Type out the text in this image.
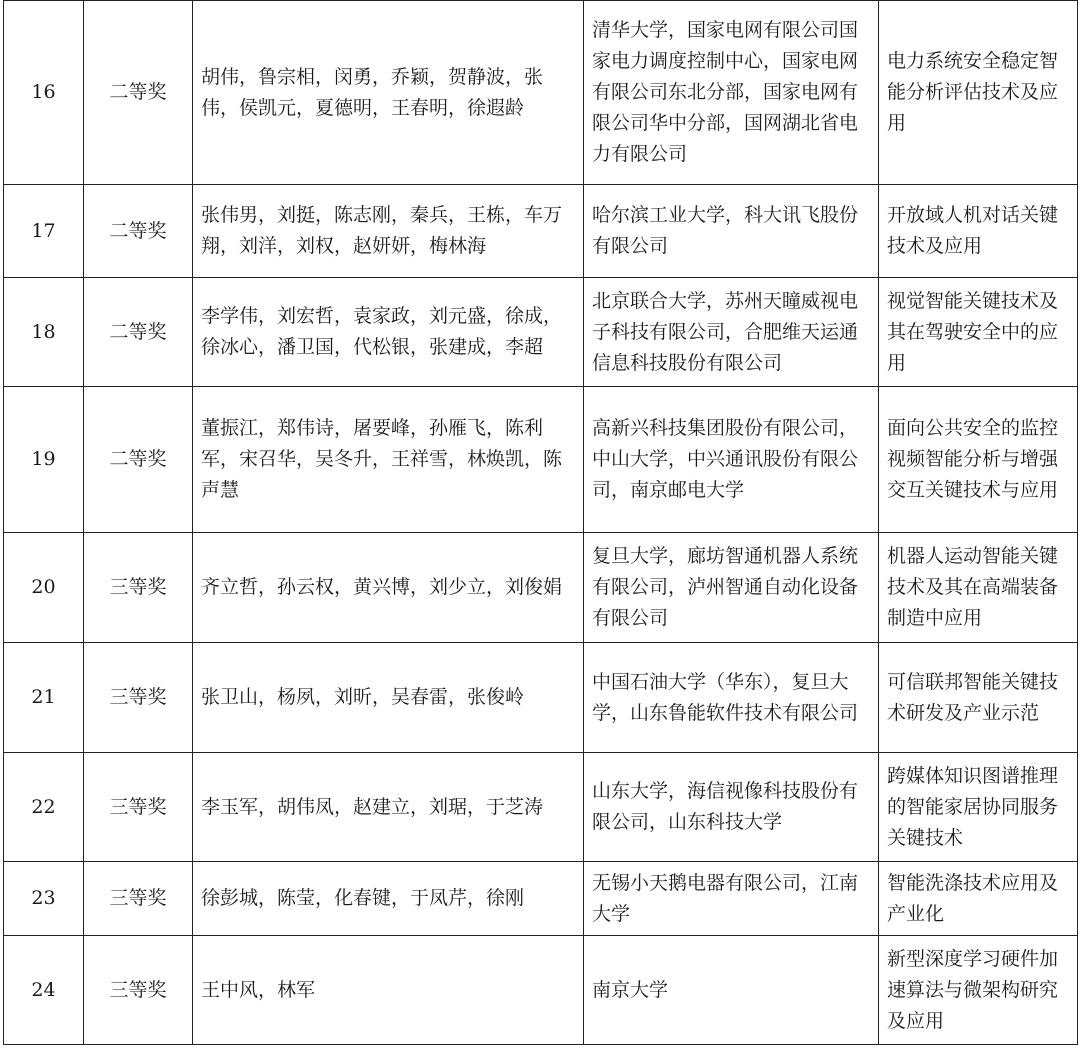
16	二等奖	胡伟，鲁宗相，闵勇，乔颖，贺静波，张伟，侯凯元，夏德明，王春明，徐遐龄	清华大学，国家电网有限公司国家电力调度控制中心，国家电网有限公司东北分部，国家电网有限公司华中分部，国网湖北省电力有限公司	电力系统安全稳定智能分析评估技术及应用
17	二等奖	张伟男，刘挺，陈志刚，秦兵，王栋，车万翔，刘洋，刘权，赵妍妍，梅林海	哈尔滨工业大学，科大讯飞股份有限公司	开放域人机对话关键技术及应用
18	二等奖	李学伟，刘宏哲，袁家政，刘元盛，徐成，徐冰心，潘卫国，代松银，张建成，李超	北京联合大学，苏州天瞳威视电子科技有限公司，合肥维天运通信息科技股份有限公司	视觉智能关键技术及其在驾驶安全中的应用
19	二等奖	董振江，郑伟诗，屠要峰，孙雁飞，陈利军，宋召华，吴冬升，王祥雪，林焕凯，陈声慧	高新兴科技集团股份有限公司，中山大学，中兴通讯股份有限公司，南京邮电大学	面向公共安全的监控视频智能分析与增强交互关键技术与应用
20	三等奖	齐立哲，孙云权，黄兴博，刘少立，刘俊娟	复旦大学，廊坊智通机器人系统有限公司，泸州智通自动化设备有限公司	机器人运动智能关键技术及其在高端装备制造中应用
21	三等奖	张卫山，杨夙，刘昕，吴春雷，张俊岭	中国石油大学（华东），复旦大学，山东鲁能软件技术有限公司	可信联邦智能关键技术研发及产业示范
22	三等奖	李玉军，胡伟凤，赵建立，刘琚，于芝涛	山东大学，海信视像科技股份有限公司，山东科技大学	跨媒体知识图谱推理的智能家居协同服务关键技术
23	三等奖	徐彭城，陈莹，化春键，于凤芹，徐刚	无锡小天鹅电器有限公司，江南大学	智能洗涤技术应用及产业化
24	三等奖	王中风，林军	南京大学	新型深度学习硬件加速算法与微架构研究及应用
